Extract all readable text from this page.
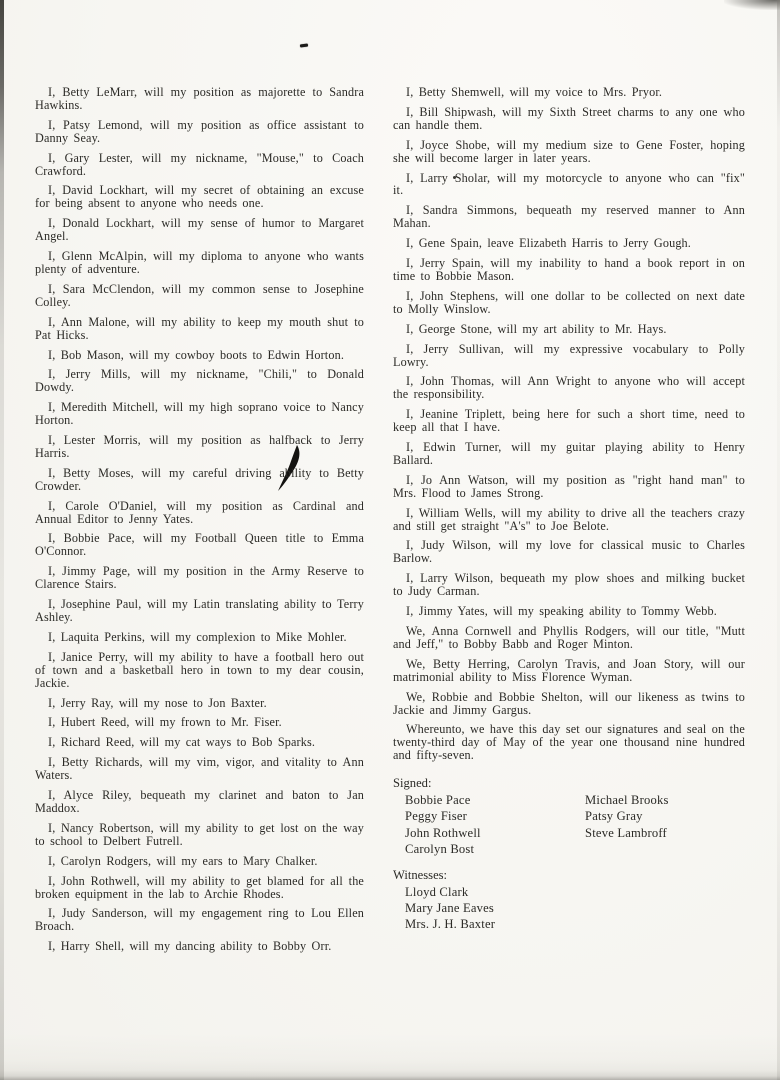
I, Betty LeMarr, will my position as majorette to Sandra Hawkins.

I, Patsy Lemond, will my position as office assistant to Danny Seay.

I, Gary Lester, will my nickname, "Mouse," to Coach Crawford.

I, David Lockhart, will my secret of obtaining an excuse for being absent to anyone who needs one.

I, Donald Lockhart, will my sense of humor to Margaret Angel.

I, Glenn McAlpin, will my diploma to anyone who wants plenty of adventure.

I, Sara McClendon, will my common sense to Josephine Colley.

I, Ann Malone, will my ability to keep my mouth shut to Pat Hicks.

I, Bob Mason, will my cowboy boots to Edwin Horton.

I, Jerry Mills, will my nickname, "Chili," to Donald Dowdy.

I, Meredith Mitchell, will my high soprano voice to Nancy Horton.

I, Lester Morris, will my position as halfback to Jerry Harris.

I, Betty Moses, will my careful driving ability to Betty Crowder.

I, Carole O'Daniel, will my position as Cardinal and Annual Editor to Jenny Yates.

I, Bobbie Pace, will my Football Queen title to Emma O'Connor.

I, Jimmy Page, will my position in the Army Reserve to Clarence Stairs.

I, Josephine Paul, will my Latin translating ability to Terry Ashley.

I, Laquita Perkins, will my complexion to Mike Mohler.

I, Janice Perry, will my ability to have a football hero out of town and a basketball hero in town to my dear cousin, Jackie.

I, Jerry Ray, will my nose to Jon Baxter.

I, Hubert Reed, will my frown to Mr. Fiser.

I, Richard Reed, will my cat ways to Bob Sparks.

I, Betty Richards, will my vim, vigor, and vitality to Ann Waters.

I, Alyce Riley, bequeath my clarinet and baton to Jan Maddox.

I, Nancy Robertson, will my ability to get lost on the way to school to Delbert Futrell.

I, Carolyn Rodgers, will my ears to Mary Chalker.

I, John Rothwell, will my ability to get blamed for all the broken equipment in the lab to Archie Rhodes.

I, Judy Sanderson, will my engagement ring to Lou Ellen Broach.

I, Harry Shell, will my dancing ability to Bobby Orr.

I, Betty Shemwell, will my voice to Mrs. Pryor.

I, Bill Shipwash, will my Sixth Street charms to any one who can handle them.

I, Joyce Shobe, will my medium size to Gene Foster, hoping she will become larger in later years.

I, Larry Sholar, will my motorcycle to anyone who can "fix" it.

I, Sandra Simmons, bequeath my reserved manner to Ann Mahan.

I, Gene Spain, leave Elizabeth Harris to Jerry Gough.

I, Jerry Spain, will my inability to hand a book report in on time to Bobbie Mason.

I, John Stephens, will one dollar to be collected on next date to Molly Winslow.

I, George Stone, will my art ability to Mr. Hays.

I, Jerry Sullivan, will my expressive vocabulary to Polly Lowry.

I, John Thomas, will Ann Wright to anyone who will accept the responsibility.

I, Jeanine Triplett, being here for such a short time, need to keep all that I have.

I, Edwin Turner, will my guitar playing ability to Henry Ballard.

I, Jo Ann Watson, will my position as "right hand man" to Mrs. Flood to James Strong.

I, William Wells, will my ability to drive all the teachers crazy and still get straight "A's" to Joe Belote.

I, Judy Wilson, will my love for classical music to Charles Barlow.

I, Larry Wilson, bequeath my plow shoes and milking bucket to Judy Carman.

I, Jimmy Yates, will my speaking ability to Tommy Webb.

We, Anna Cornwell and Phyllis Rodgers, will our title, "Mutt and Jeff," to Bobby Babb and Roger Minton.

We, Betty Herring, Carolyn Travis, and Joan Story, will our matrimonial ability to Miss Florence Wyman.

We, Robbie and Bobbie Shelton, will our likeness as twins to Jackie and Jimmy Gargus.

Whereunto, we have this day set our signatures and seal on the twenty-third day of May of the year one thousand nine hundred and fifty-seven.

Signed:

Bobbie Pace

Peggy Fiser

John Rothwell

Carolyn Bost

Michael Brooks

Patsy Gray

Steve Lambroff

Witnesses:

Lloyd Clark

Mary Jane Eaves

Mrs. J. H. Baxter
